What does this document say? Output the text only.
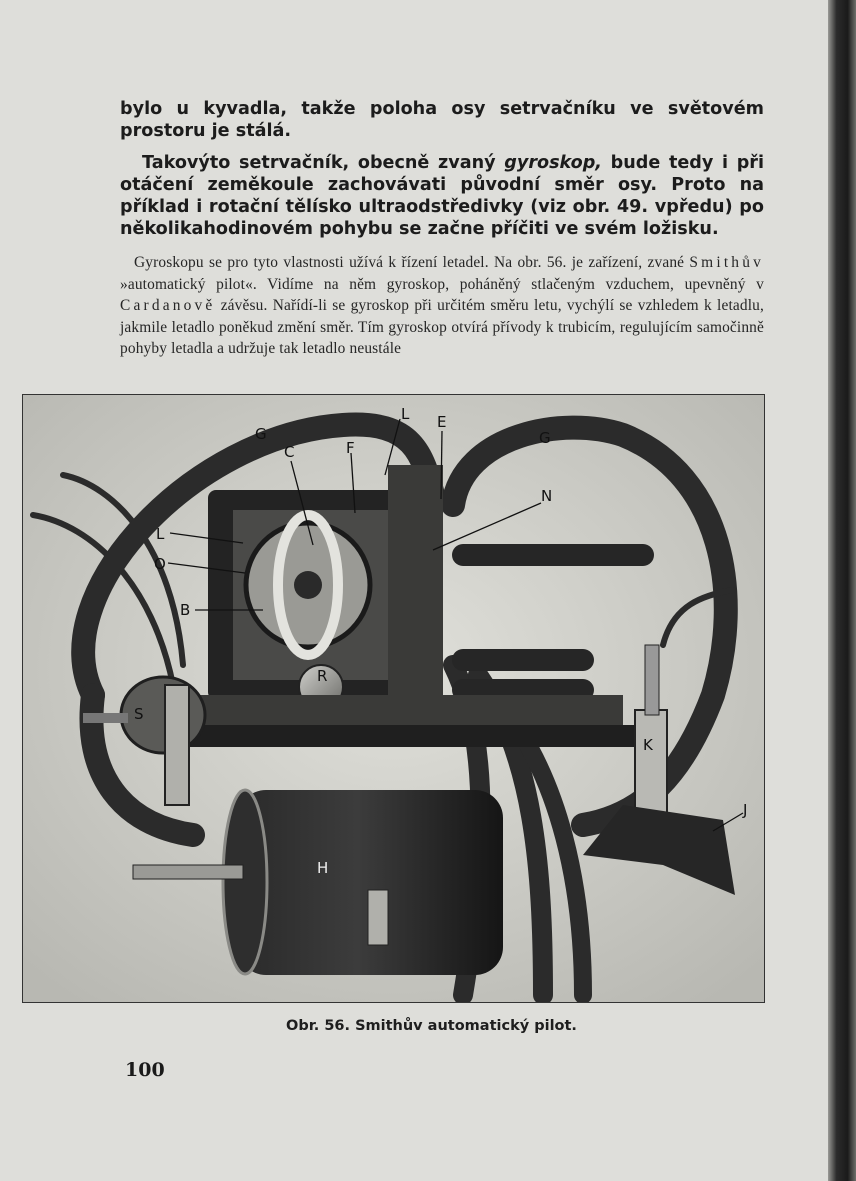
bylo u kyvadla, takže poloha osy setrvačníku ve světovém prostoru je stálá.

Takovýto setrvačník, obecně zvaný gyroskop, bude tedy i při otáčení zeměkoule zachovávati původní směr osy. Proto na příklad i rotační tělísko ultraodstředivky (viz obr. 49. vpředu) po několikahodinovém pohybu se začne příčiti ve svém ložisku.

Gyroskopu se pro tyto vlastnosti užívá k řízení letadel. Na obr. 56. je zařízení, zvané Smithův »automatický pilot«. Vidíme na něm gyroskop, poháněný stlačeným vzduchem, upevněný v Cardanově závěsu. Nařídí-li se gyroskop při určitém směru letu, vychýlí se vzhledem k letadlu, jakmile letadlo poněkud změní směr. Tím gyroskop otvírá přívody k trubicím, regulujícím samočinně pohyby letadla a udržuje tak letadlo neustále

L E
G	G
C	F
N
L
O
B
R
S
K
J
H
Obr. 56. Smithův automatický pilot.
100
